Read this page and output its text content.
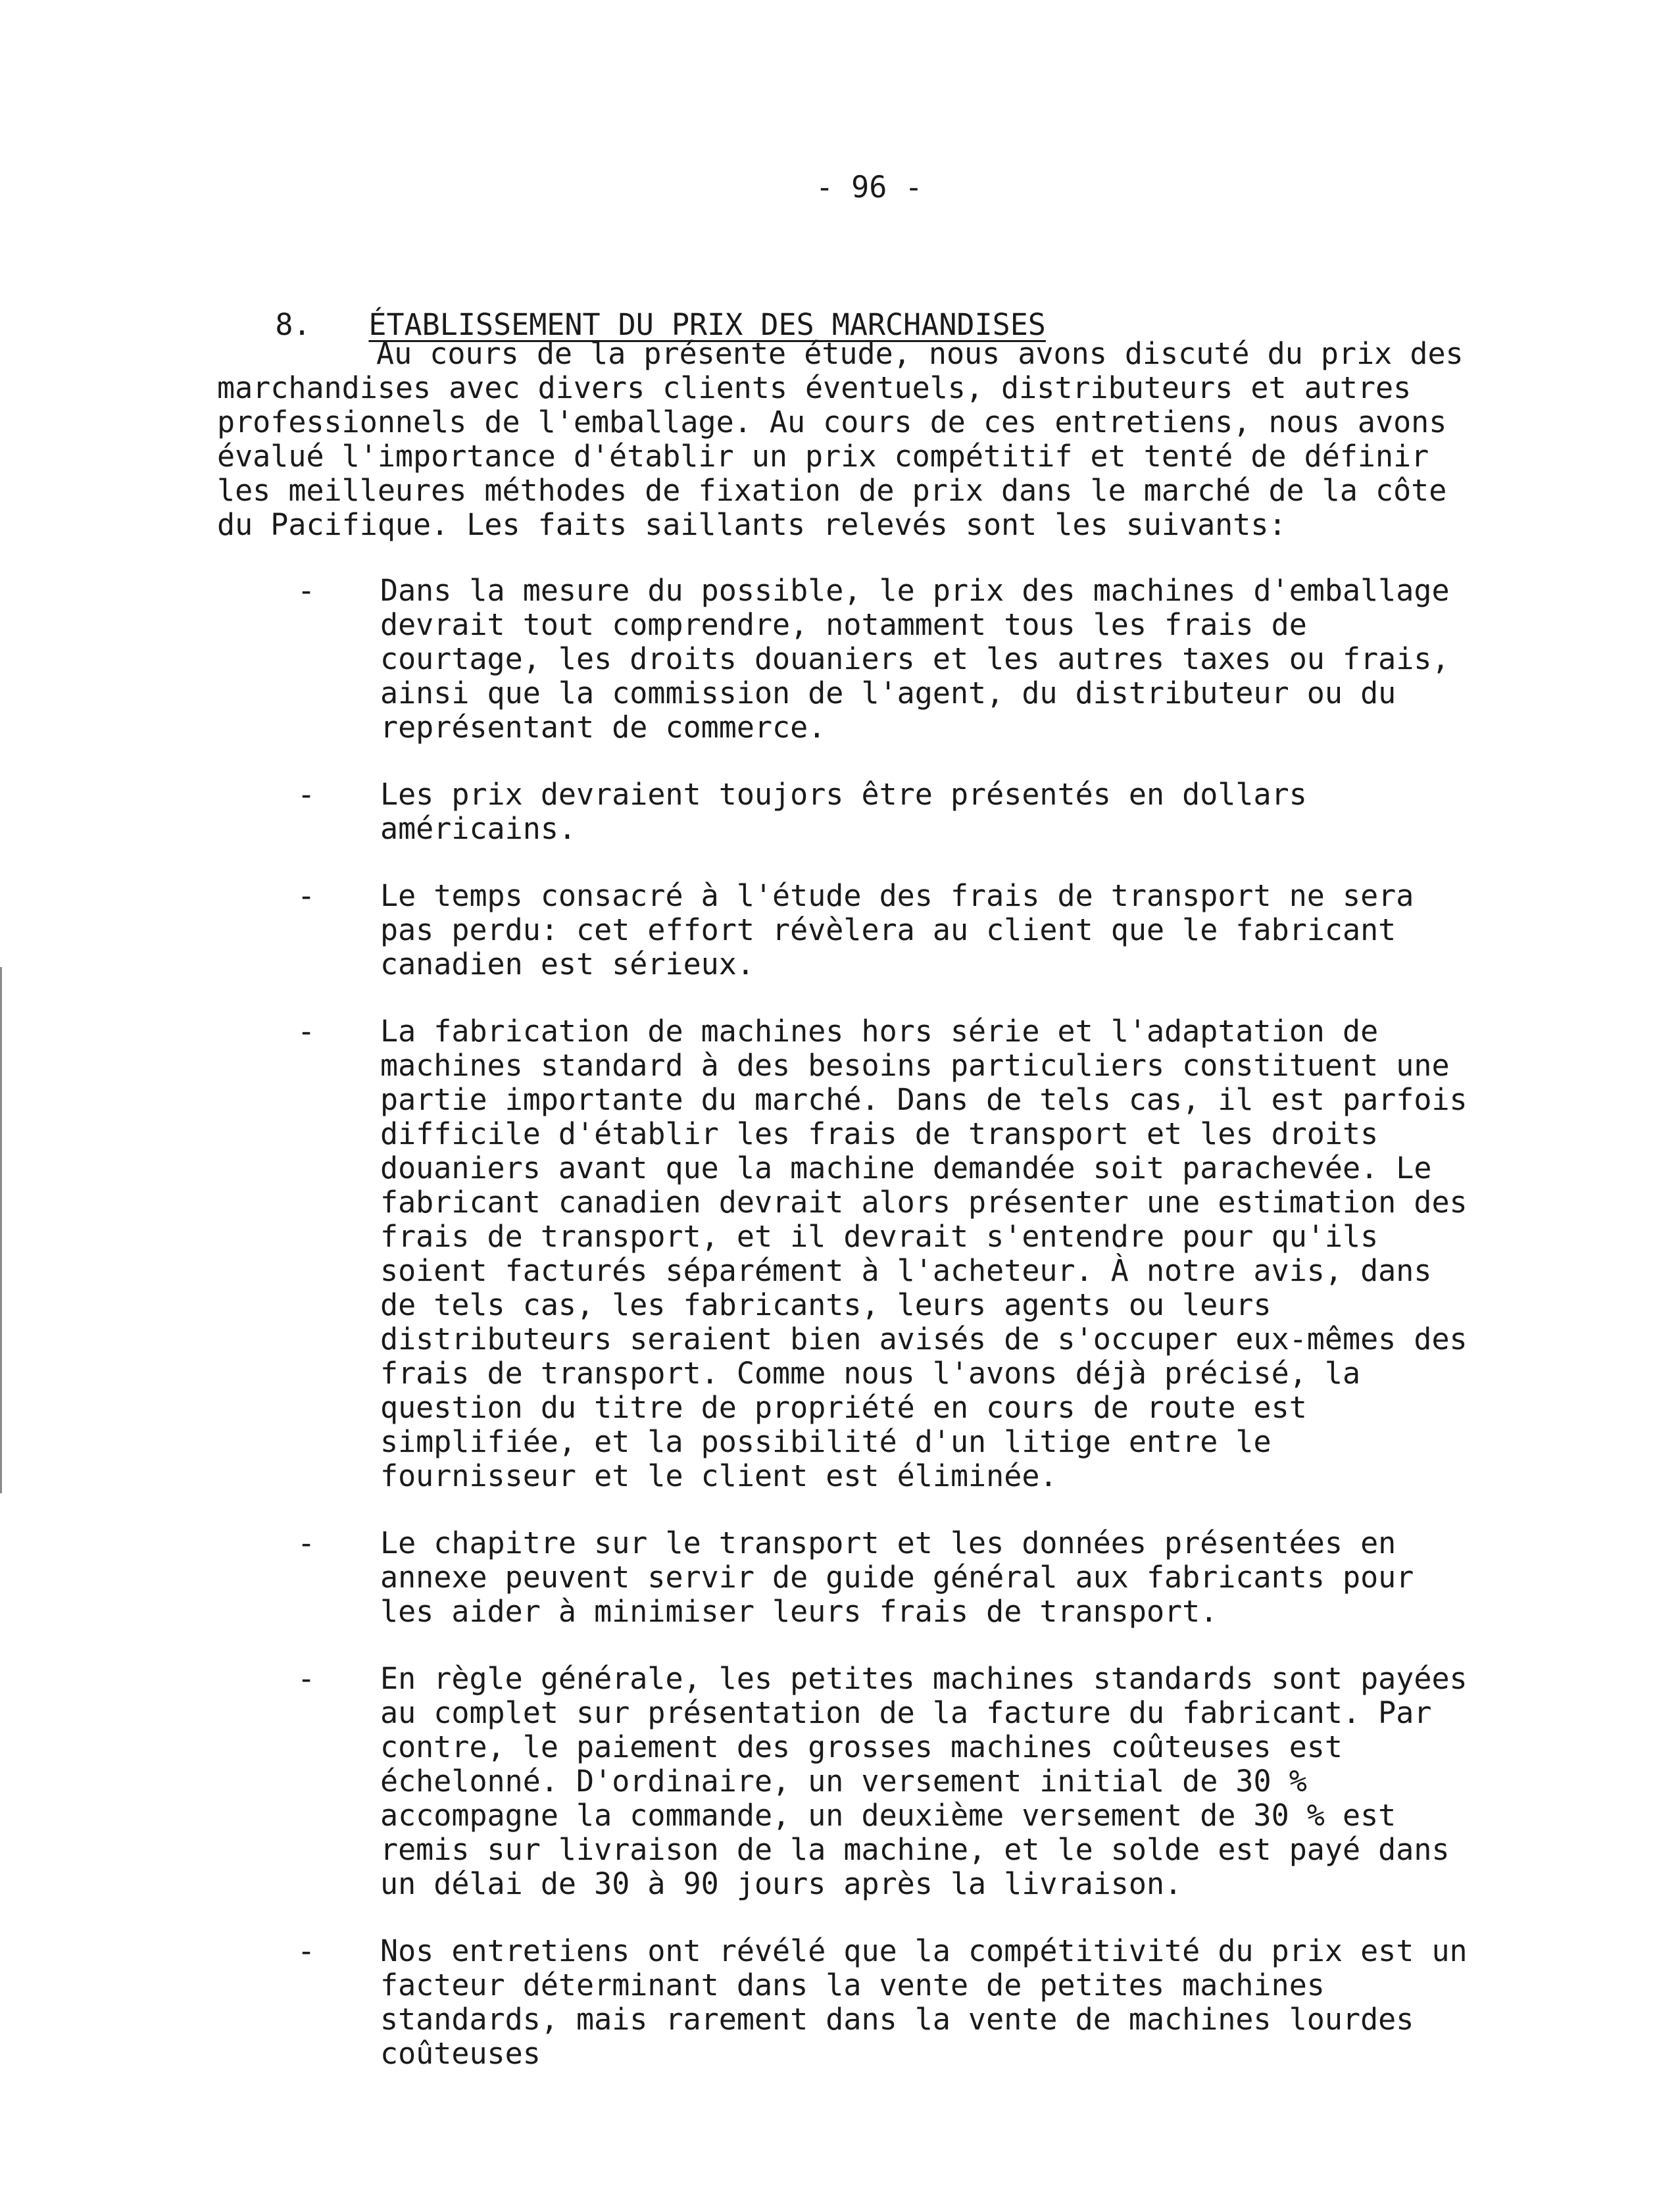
- 96 -

8. ÉTABLISSEMENT DU PRIX DES MARCHANDISES

Au cours de la présente étude, nous avons discuté du prix des marchandises avec divers clients éventuels, distributeurs et autres professionnels de l'emballage. Au cours de ces entretiens, nous avons évalué l'importance d'établir un prix compétitif et tenté de définir les meilleures méthodes de fixation de prix dans le marché de la côte du Pacifique. Les faits saillants relevés sont les suivants:

- Dans la mesure du possible, le prix des machines d'emballage devrait tout comprendre, notamment tous les frais de courtage, les droits douaniers et les autres taxes ou frais, ainsi que la commission de l'agent, du distributeur ou du représentant de commerce.
- Les prix devraient toujors être présentés en dollars américains.
- Le temps consacré à l'étude des frais de transport ne sera pas perdu: cet effort révèlera au client que le fabricant canadien est sérieux.
- La fabrication de machines hors série et l'adaptation de machines standard à des besoins particuliers constituent une partie importante du marché. Dans de tels cas, il est parfois difficile d'établir les frais de transport et les droits douaniers avant que la machine demandée soit parachevée. Le fabricant canadien devrait alors présenter une estimation des frais de transport, et il devrait s'entendre pour qu'ils soient facturés séparément à l'acheteur. À notre avis, dans de tels cas, les fabricants, leurs agents ou leurs distributeurs seraient bien avisés de s'occuper eux-mêmes des frais de transport. Comme nous l'avons déjà précisé, la question du titre de propriété en cours de route est simplifiée, et la possibilité d'un litige entre le fournisseur et le client est éliminée.
- Le chapitre sur le transport et les données présentées en annexe peuvent servir de guide général aux fabricants pour les aider à minimiser leurs frais de transport.
- En règle générale, les petites machines standards sont payées au complet sur présentation de la facture du fabricant. Par contre, le paiement des grosses machines coûteuses est échelonné. D'ordinaire, un versement initial de 30 % accompagne la commande, un deuxième versement de 30 % est remis sur livraison de la machine, et le solde est payé dans un délai de 30 à 90 jours après la livraison.
- Nos entretiens ont révélé que la compétitivité du prix est un facteur déterminant dans la vente de petites machines standards, mais rarement dans la vente de machines lourdes coûteuses
